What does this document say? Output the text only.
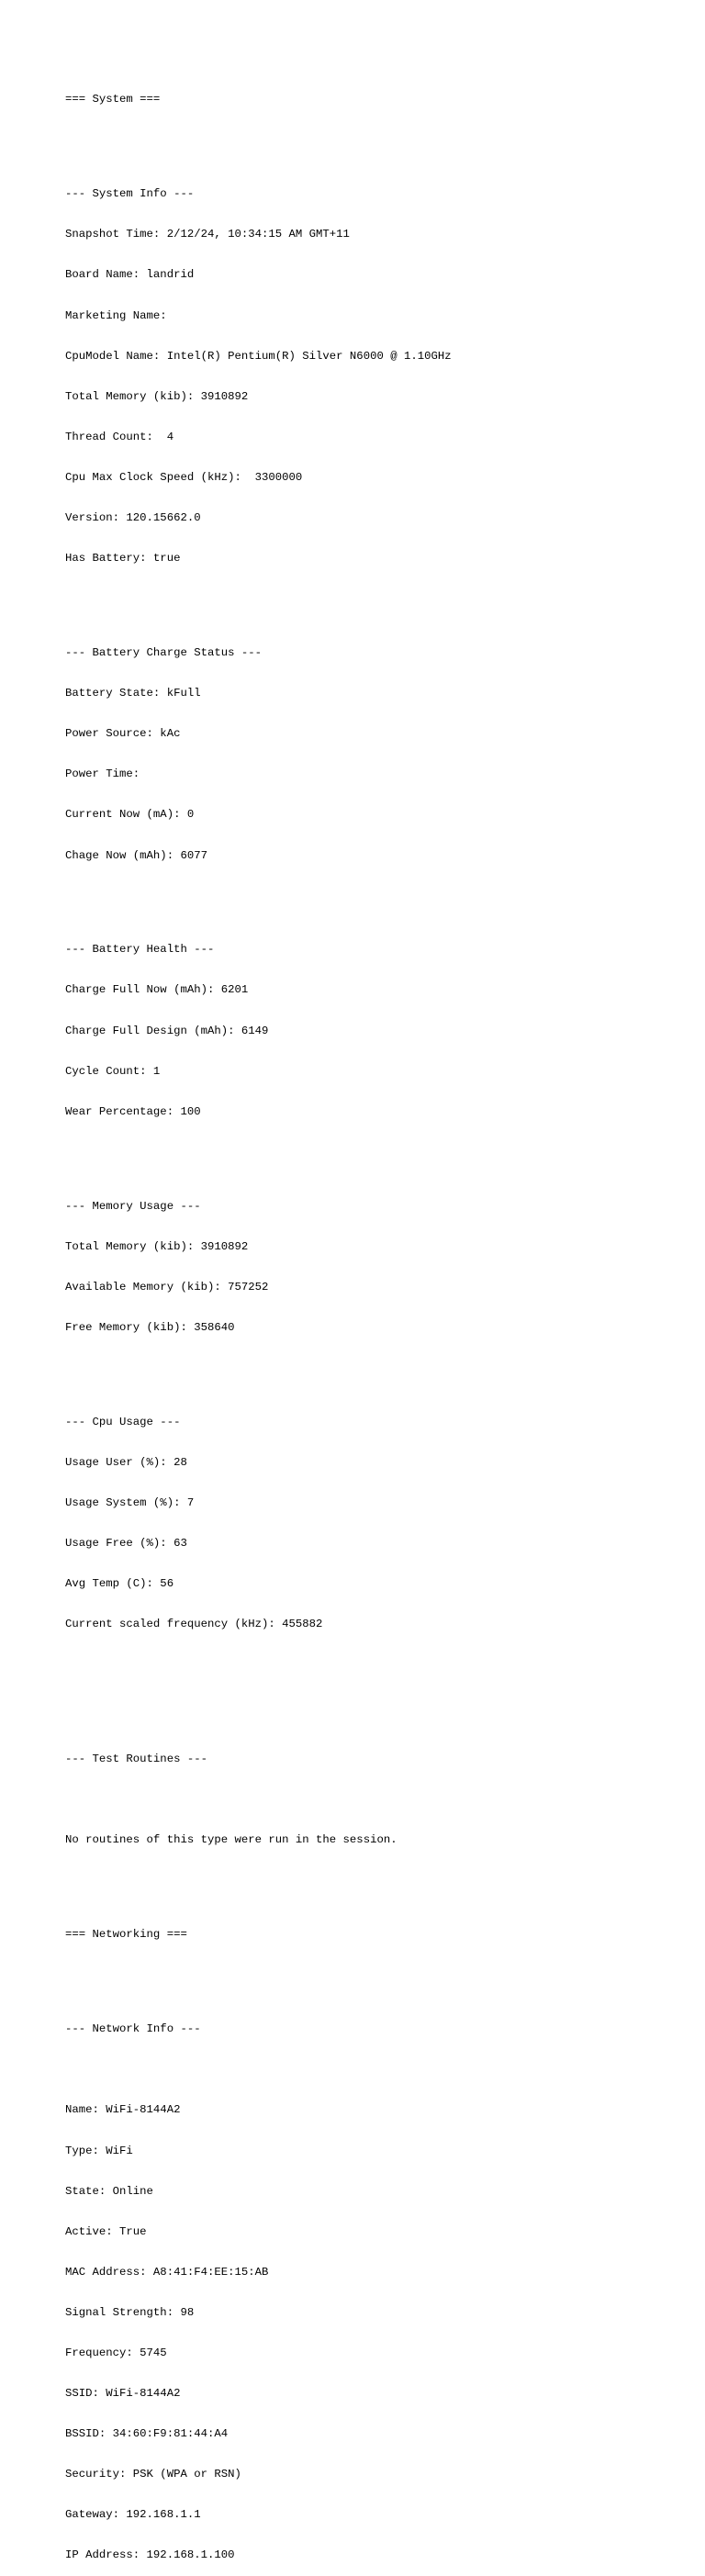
=== System ===

--- System Info ---

Snapshot Time: 2/12/24, 10:34:15 AM GMT+11

Board Name: landrid

Marketing Name:

CpuModel Name: Intel(R) Pentium(R) Silver N6000 @ 1.10GHz

Total Memory (kib): 3910892

Thread Count:  4

Cpu Max Clock Speed (kHz):  3300000

Version: 120.15662.0

Has Battery: true

--- Battery Charge Status ---

Battery State: kFull

Power Source: kAc

Power Time:

Current Now (mA): 0

Chage Now (mAh): 6077

--- Battery Health ---

Charge Full Now (mAh): 6201

Charge Full Design (mAh): 6149

Cycle Count: 1

Wear Percentage: 100

--- Memory Usage ---

Total Memory (kib): 3910892

Available Memory (kib): 757252

Free Memory (kib): 358640

--- Cpu Usage ---

Usage User (%): 28

Usage System (%): 7

Usage Free (%): 63

Avg Temp (C): 56

Current scaled frequency (kHz): 455882

--- Test Routines ---

No routines of this type were run in the session.

=== Networking ===

--- Network Info ---

Name: WiFi-8144A2

Type: WiFi

State: Online

Active: True

MAC Address: A8:41:F4:EE:15:AB

Signal Strength: 98

Frequency: 5745

SSID: WiFi-8144A2

BSSID: 34:60:F9:81:44:A4

Security: PSK (WPA or RSN)

Gateway: 192.168.1.1

IP Address: 192.168.1.100
